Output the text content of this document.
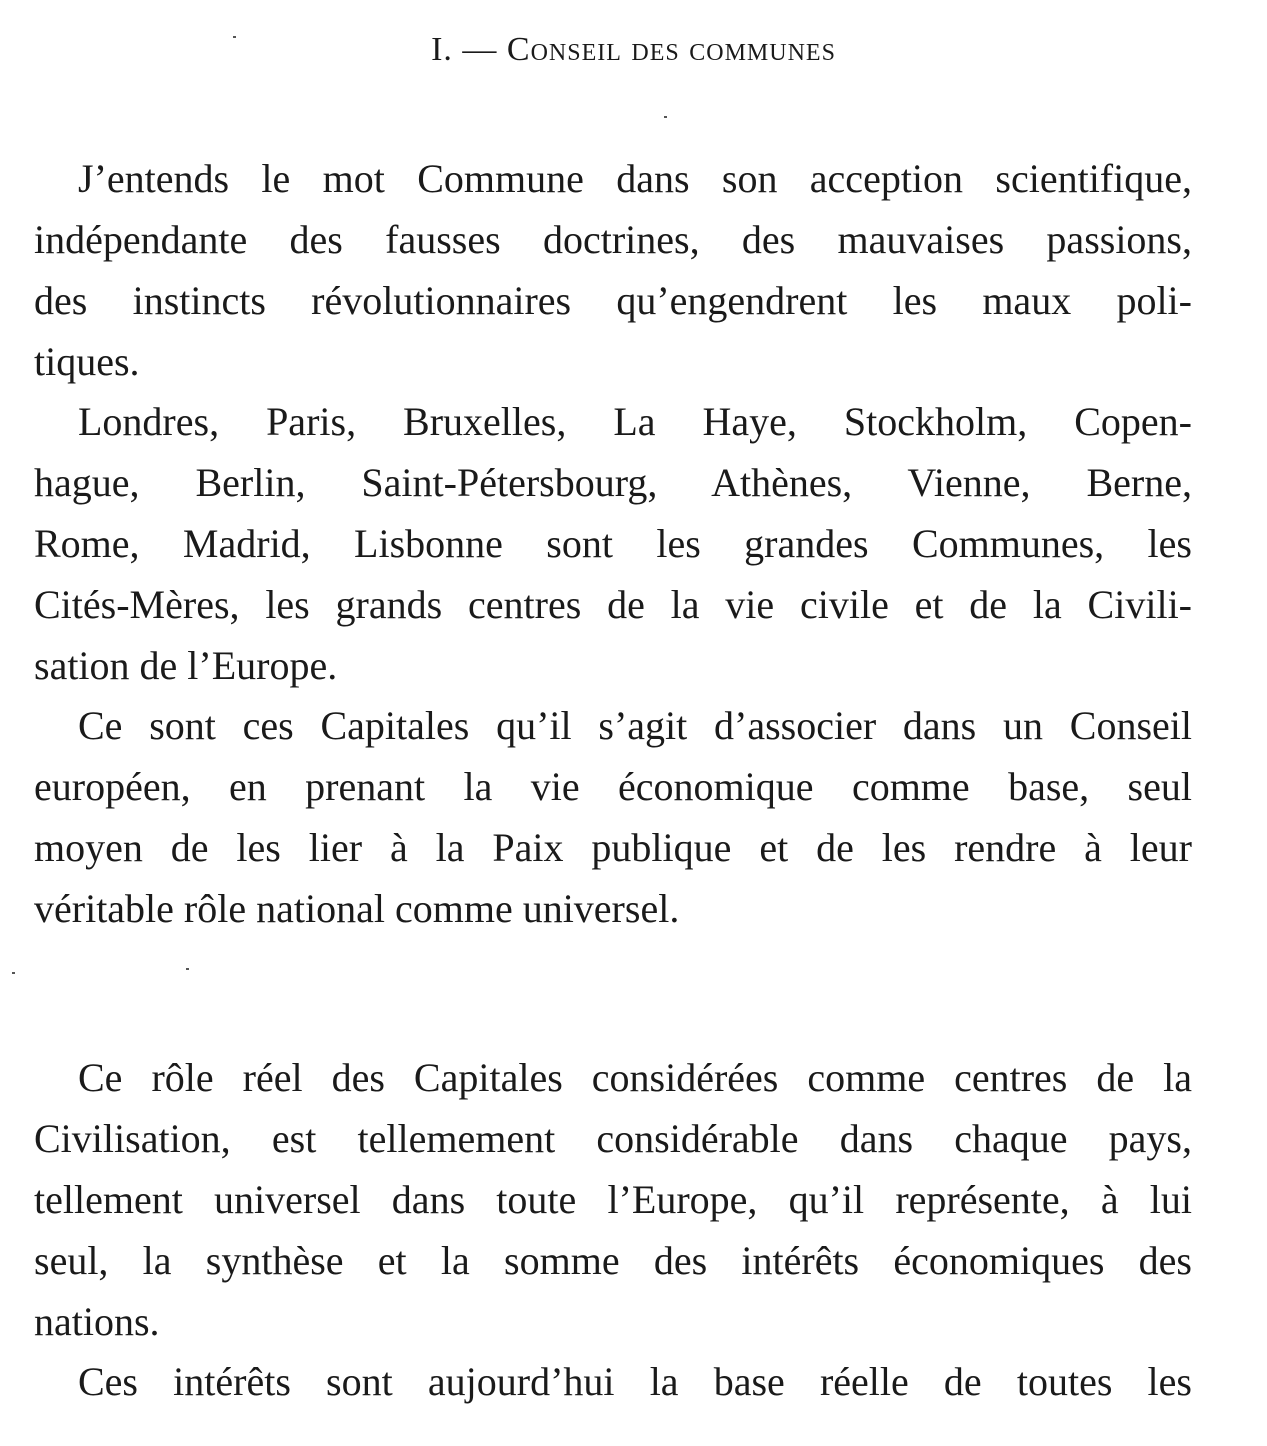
I. — Conseil des communes
J’entends le mot Commune dans son acception scientifique,
indépendante des fausses doctrines, des mauvaises passions,
des instincts révolutionnaires qu’engendrent les maux poli-
tiques.
Londres, Paris, Bruxelles, La Haye, Stockholm, Copen-
hague, Berlin, Saint-Pétersbourg, Athènes, Vienne, Berne,
Rome, Madrid, Lisbonne sont les grandes Communes, les
Cités-Mères, les grands centres de la vie civile et de la Civili-
sation de l’Europe.
Ce sont ces Capitales qu’il s’agit d’associer dans un Conseil
européen, en prenant la vie économique comme base, seul
moyen de les lier à la Paix publique et de les rendre à leur
véritable rôle national comme universel.
Ce rôle réel des Capitales considérées comme centres de la
Civilisation, est tellemement considérable dans chaque pays,
tellement universel dans toute l’Europe, qu’il représente, à lui
seul, la synthèse et la somme des intérêts économiques des
nations.
Ces intérêts sont aujourd’hui la base réelle de toutes les
